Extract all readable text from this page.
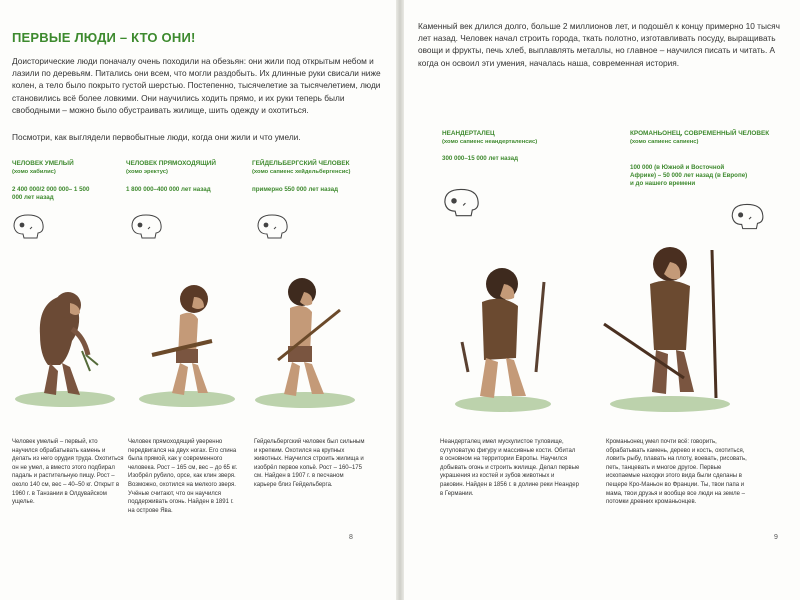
ПЕРВЫЕ ЛЮДИ – КТО ОНИ!

Доисторические люди поначалу очень походили на обезьян: они жили под открытым небом и лазили по деревьям. Питались они всем, что могли раздобыть. Их длинные руки свисали ниже колен, а тело было покрыто густой шерстью. Постепенно, тысячелетие за тысячелетием, люди становились всё более ловкими. Они научились ходить прямо, и их руки теперь были свободными – можно было обустраивать жилище, шить одежду и охотиться.

Посмотри, как выглядели первобытные люди, когда они жили и что умели.

ЧЕЛОВЕК УМЕЛЫЙ
(хомо хабилис)
2 400 000/2 000 000– 1 500 000 лет назад
ЧЕЛОВЕК ПРЯМОХОДЯЩИЙ
(хомо эректус)
1 800 000–400 000 лет назад
ГЕЙДЕЛЬБЕРГСКИЙ ЧЕЛОВЕК
(хомо сапиенс хейдельбергенсис)
примерно 550 000 лет назад

Человек умелый – первый, кто научился обрабатывать камень и делать из него орудия труда. Охотиться он не умел, а вместо этого подбирал падаль и растительную пищу. Рост – около 140 см, вес – 40–50 кг. Открыт в 1960 г. в Танзании в Олдувайском ущелье.

Человек прямоходящий уверенно передвигался на двух ногах. Его спина была прямой, как у современного человека. Рост – 165 см, вес – до 65 кг. Изобрёл рубило, орсе, как клин зверя. Возможно, охотился на мелкого зверя. Учёные считают, что он научился поддерживать огонь. Найден в 1891 г. на острове Ява.

Гейдельбергский человек был сильным и крепким. Охотился на крупных животных. Научился строить жилища и изобрёл первое копьё. Рост – 160–175 см. Найден в 1907 г. в песчаном карьере близ Гейдельберга.

8

Каменный век длился долго, больше 2 миллионов лет, и подошёл к концу примерно 10 тысяч лет назад. Человек начал строить города, ткать полотно, изготавливать посуду, выращивать овощи и фрукты, печь хлеб, выплавлять металлы, но главное – научился писать и читать. А когда он освоил эти умения, началась наша, современная история.

НЕАНДЕРТАЛЕЦ
(хомо сапиенс неандерталенсис)
300 000–15 000 лет назад
КРОМАНЬОНЕЦ, СОВРЕМЕННЫЙ ЧЕЛОВЕК
(хомо сапиенс сапиенс)
100 000 (в Южной и Восточной Африке) – 50 000 лет назад (в Европе) и до нашего времени

Неандерталец имел мускулистое туловище, сутуловатую фигуру и массивные кости. Обитал в основном на территории Европы. Научился добывать огонь и строить жилище. Делал первые украшения из костей и зубов животных и раковин. Найден в 1856 г. в долине реки Неандер в Германии.

Кроманьонец умел почти всё: говорить, обрабатывать камень, дерево и кость, охотиться, ловить рыбу, плавать на плоту, воевать, рисовать, петь, танцевать и многое другое. Первые ископаемые находки этого вида были сделаны в пещере Кро-Маньон во Франции. Ты, твои папа и мама, твои друзья и вообще все люди на земле – потомки древних кроманьонцев.

9
